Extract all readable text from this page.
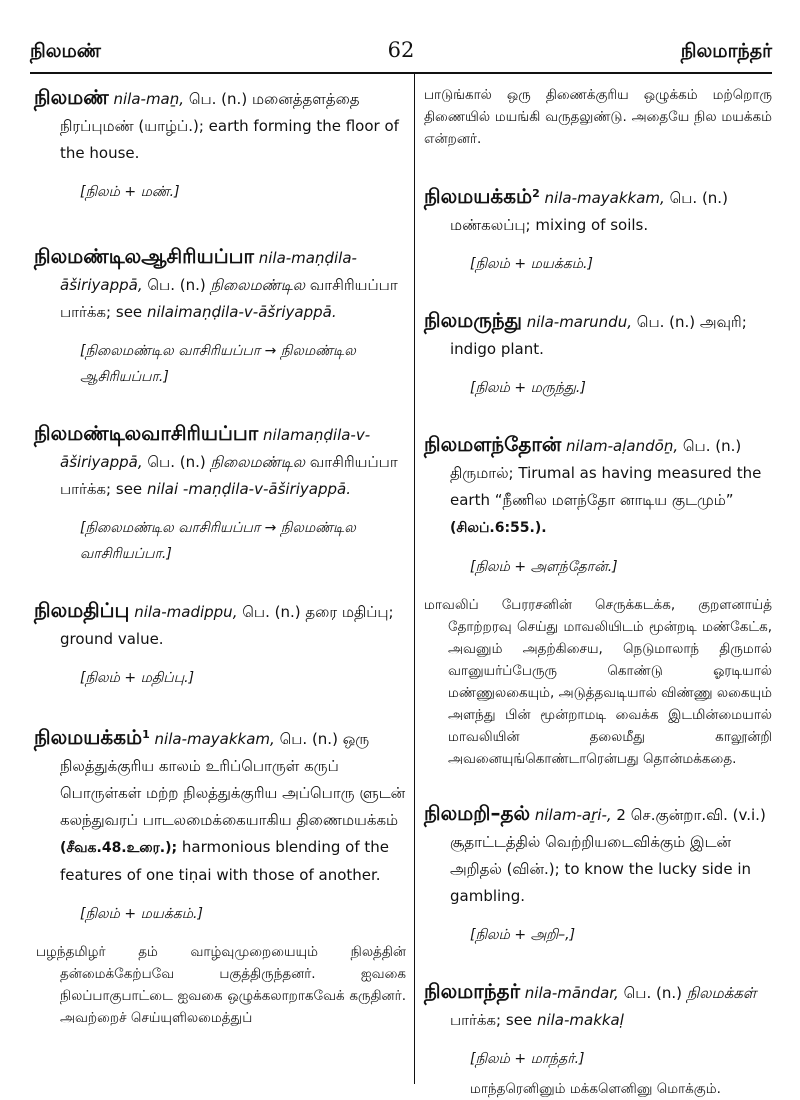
நிலமண்	62	நிலமாந்தர்
நிலமண் nila-maṉ, பெ. (n.) மனைத்தளத்தை நிரப்புமண் (யாழ்ப்.); earth forming the floor of the house.
[நிலம் + மண்.]
நிலமண்டிலஆசிரியப்பா nila-maṇḍila-āširiyappā, பெ. (n.) நிலைமண்டில வாசிரியப்பா பார்க்க; see nilaimaṇḍila-v-āšriyappā.
[நிலைமண்டில வாசிரியப்பா → நிலமண்டில ஆசிரியப்பா.]
நிலமண்டிலவாசிரியப்பா nilamaṇḍila-v-āširiyappā, பெ. (n.) நிலைமண்டில வாசிரியப்பா பார்க்க; see nilai -maṇḍila-v-āširiyappā.
[நிலைமண்டில வாசிரியப்பா → நிலமண்டில வாசிரியப்பா.]
நிலமதிப்பு nila-madippu, பெ. (n.) தரை மதிப்பு; ground value.
[நிலம் + மதிப்பு.]
நிலமயக்கம்$^1$ nila-mayakkam, பெ. (n.) ஒரு நிலத்துக்குரிய காலம் உரிப்பொருள் கருப் பொருள்கள் மற்ற நிலத்துக்குரிய அப்பொரு ளுடன் கலந்துவரப் பாடலமைக்கையாகிய திணைமயக்கம் (சீவக.48.உரை.); harmonious blending of the features of one tiṇai with those of another.
[நிலம் + மயக்கம்.]
பழந்தமிழர் தம் வாழ்வுமுறையையும் நிலத்தின் தன்மைக்கேற்பவே பகுத்திருந்தனர். ஐவகை நிலப்பாகுபாட்டை ஐவகை ஒழுக்கலாறாகவேக் கருதினர். அவற்றைச் செய்யுளிலமைத்துப்
பாடுங்கால் ஒரு திணைக்குரிய ஒழுக்கம் மற்றொரு திணையில் மயங்கி வருதலுண்டு. அதையே நில மயக்கம் என்றனர்.
நிலமயக்கம்$^2$ nila-mayakkam, பெ. (n.) மண்கலப்பு; mixing of soils.
[நிலம் + மயக்கம்.]
நிலமருந்து nila-marundu, பெ. (n.) அவுரி; indigo plant.
[நிலம் + மருந்து.]
நிலமளந்தோன் nilam-aḷandōṉ, பெ. (n.) திருமால்; Tirumal as having measured the earth “நீணில மளந்தோ னாடிய குடமும்” (சிலப்.6:55.).
[நிலம் + அளந்தோன்.]
மாவலிப் பேரரசனின் செருக்கடக்க, குறளனாய்த் தோற்றரவு செய்து மாவலியிடம் மூன்றடி மண்கேட்க, அவனும் அதற்கிசைய, நெடுமாலாந் திருமால் வானுயர்ப்பேருரு கொண்டு ஓரடியால் மண்ணுலகையும், அடுத்தவடியால் விண்ணு லகையும் அளந்து பின் மூன்றாமடி வைக்க இடமின்மையால் மாவலியின் தலைமீது காலூன்றி அவனையுங்கொண்டாரென்பது தொன்மக்கதை.
நிலமறி–தல் nilam-aṟi-, 2 செ.குன்றா.வி. (v.i.) சூதாட்டத்தில் வெற்றியடைவிக்கும் இடன் அறிதல் (வின்.); to know the lucky side in gambling.
[நிலம் + அறி–,]
நிலமாந்தர் nila-māndar, பெ. (n.) நிலமக்கள் பார்க்க; see nila-makkaḷ
[நிலம் + மாந்தர்.]
மாந்தரெனினும் மக்களெனினு மொக்கும்.
